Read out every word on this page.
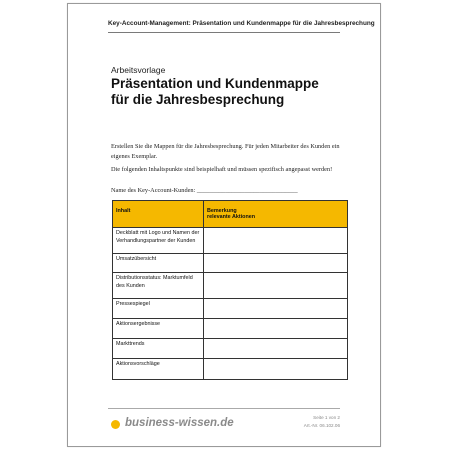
Key-Account-Management: Präsentation und Kundenmappe für die Jahresbesprechung
Arbeitsvorlage
Präsentation und Kundenmappe für die Jahresbesprechung

Erstellen Sie die Mappen für die Jahresbesprechung. Für jeden Mitarbeiter des Kunden ein eigenes Exemplar.

Die folgenden Inhaltspunkte sind beispielhaft und müssen spezifisch angepasst werden!

Name des Key-Account-Kunden: ________________________________
Inhalt	Bemerkung
relevante Aktionen
Deckblatt mit Logo und Namen der Verhandlungspartner der Kunden	
Umsatzübersicht	
Distributionsstatus: Marktumfeld des Kunden	
Pressespiegel	
Aktionsergebnisse	
Markttrends	
Aktionsvorschläge	
business-wissen.de	Seite 1 von 2
Art.-Nr. 06.102.06
